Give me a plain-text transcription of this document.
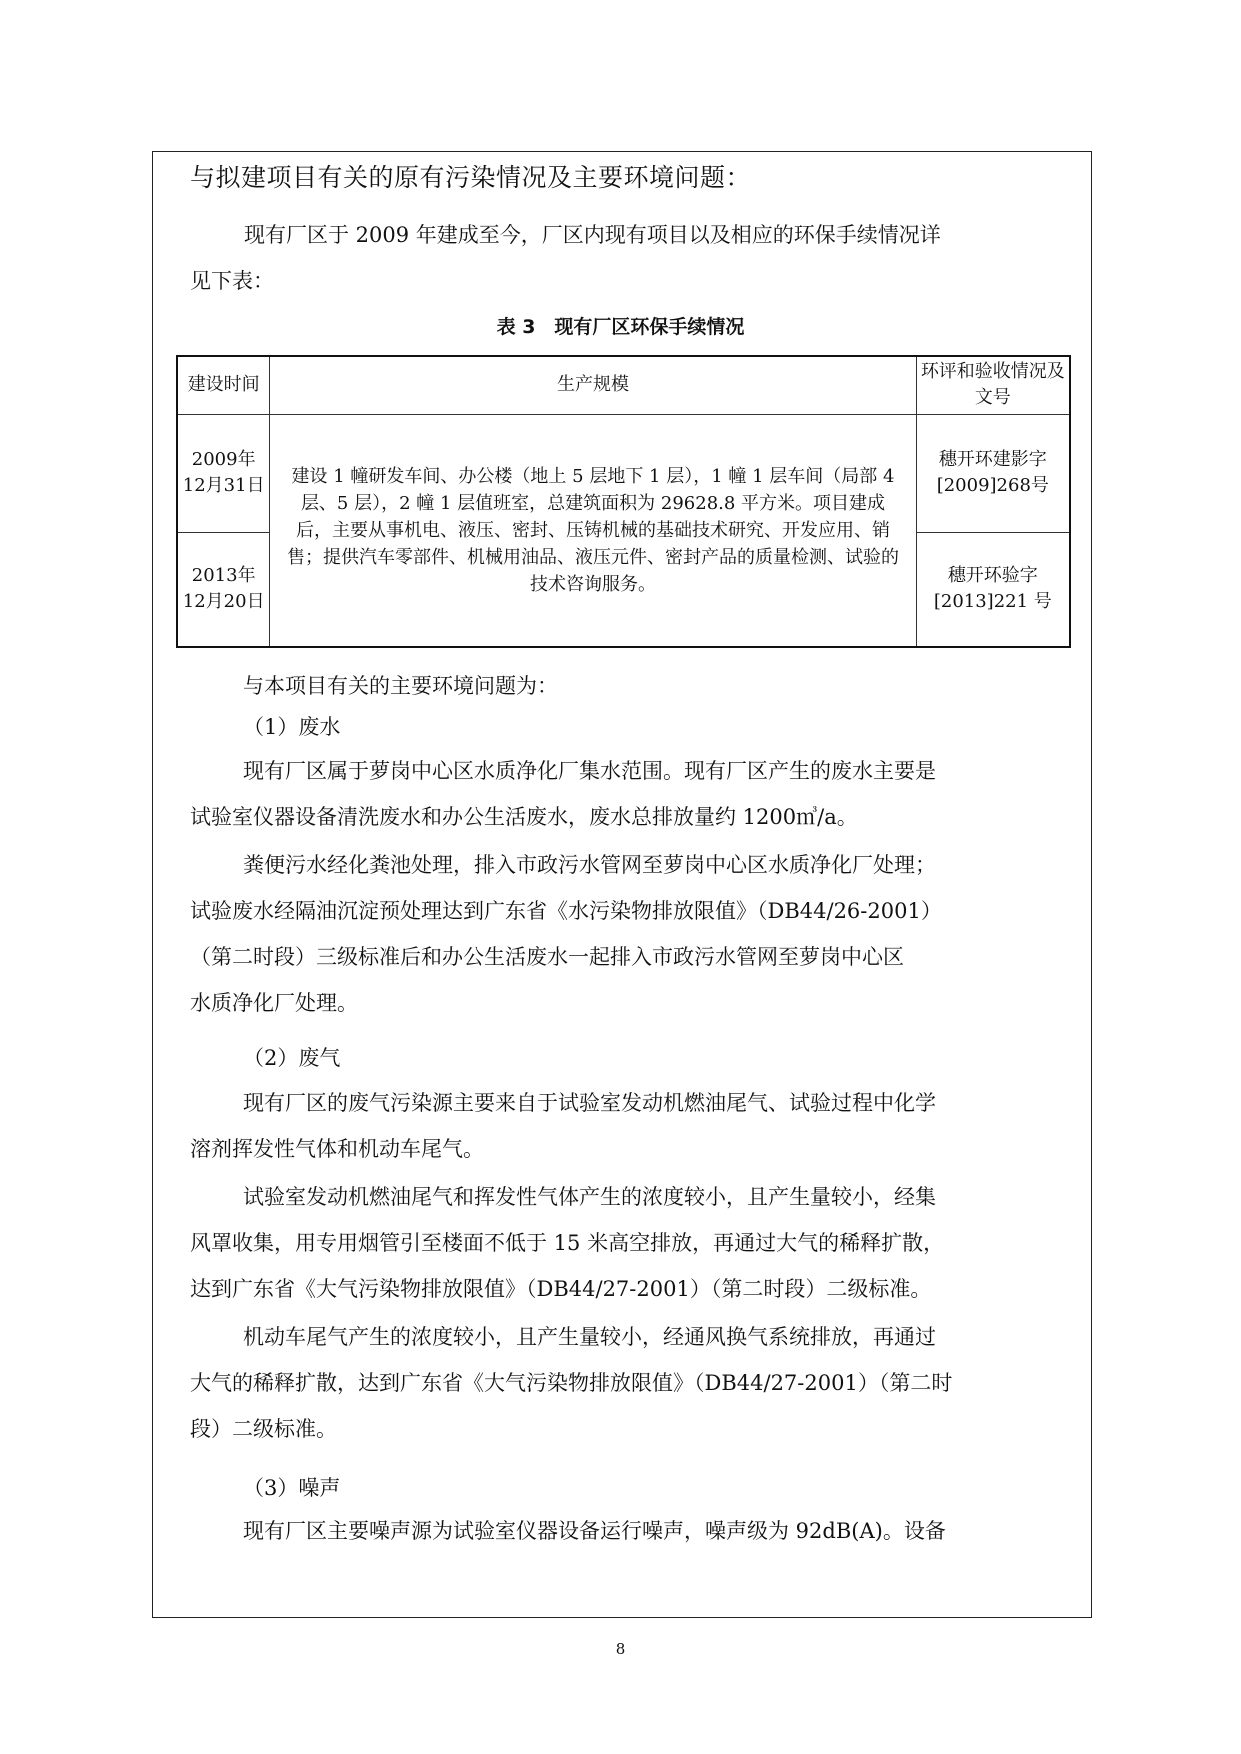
与拟建项目有关的原有污染情况及主要环境问题：
现有厂区于 2009 年建成至今，厂区内现有项目以及相应的环保手续情况详
见下表：
表 3　现有厂区环保手续情况
建设时间	生产规模	环评和验收情况及文号
2009年12月31日	建设 1 幢研发车间、办公楼（地上 5 层地下 1 层），1 幢 1 层车间（局部 4 层、5 层），2 幢 1 层值班室，总建筑面积为 29628.8 平方米。项目建成后，主要从事机电、液压、密封、压铸机械的基础技术研究、开发应用、销售；提供汽车零部件、机械用油品、液压元件、密封产品的质量检测、试验的技术咨询服务。	穗开环建影字[2009]268号
2013年12月20日		穗开环验字[2013]221 号
与本项目有关的主要环境问题为：
（1）废水
现有厂区属于萝岗中心区水质净化厂集水范围。现有厂区产生的废水主要是
试验室仪器设备清洗废水和办公生活废水，废水总排放量约 1200㎥/a。
粪便污水经化粪池处理，排入市政污水管网至萝岗中心区水质净化厂处理；
试验废水经隔油沉淀预处理达到广东省《水污染物排放限值》（DB44/26-2001）
（第二时段）三级标准后和办公生活废水一起排入市政污水管网至萝岗中心区
水质净化厂处理。
（2）废气
现有厂区的废气污染源主要来自于试验室发动机燃油尾气、试验过程中化学
溶剂挥发性气体和机动车尾气。
试验室发动机燃油尾气和挥发性气体产生的浓度较小，且产生量较小，经集
风罩收集，用专用烟管引至楼面不低于 15 米高空排放，再通过大气的稀释扩散，
达到广东省《大气污染物排放限值》（DB44/27-2001）（第二时段）二级标准。
机动车尾气产生的浓度较小，且产生量较小，经通风换气系统排放，再通过
大气的稀释扩散，达到广东省《大气污染物排放限值》（DB44/27-2001）（第二时
段）二级标准。
（3）噪声
现有厂区主要噪声源为试验室仪器设备运行噪声，噪声级为 92dB(A)。设备
8
